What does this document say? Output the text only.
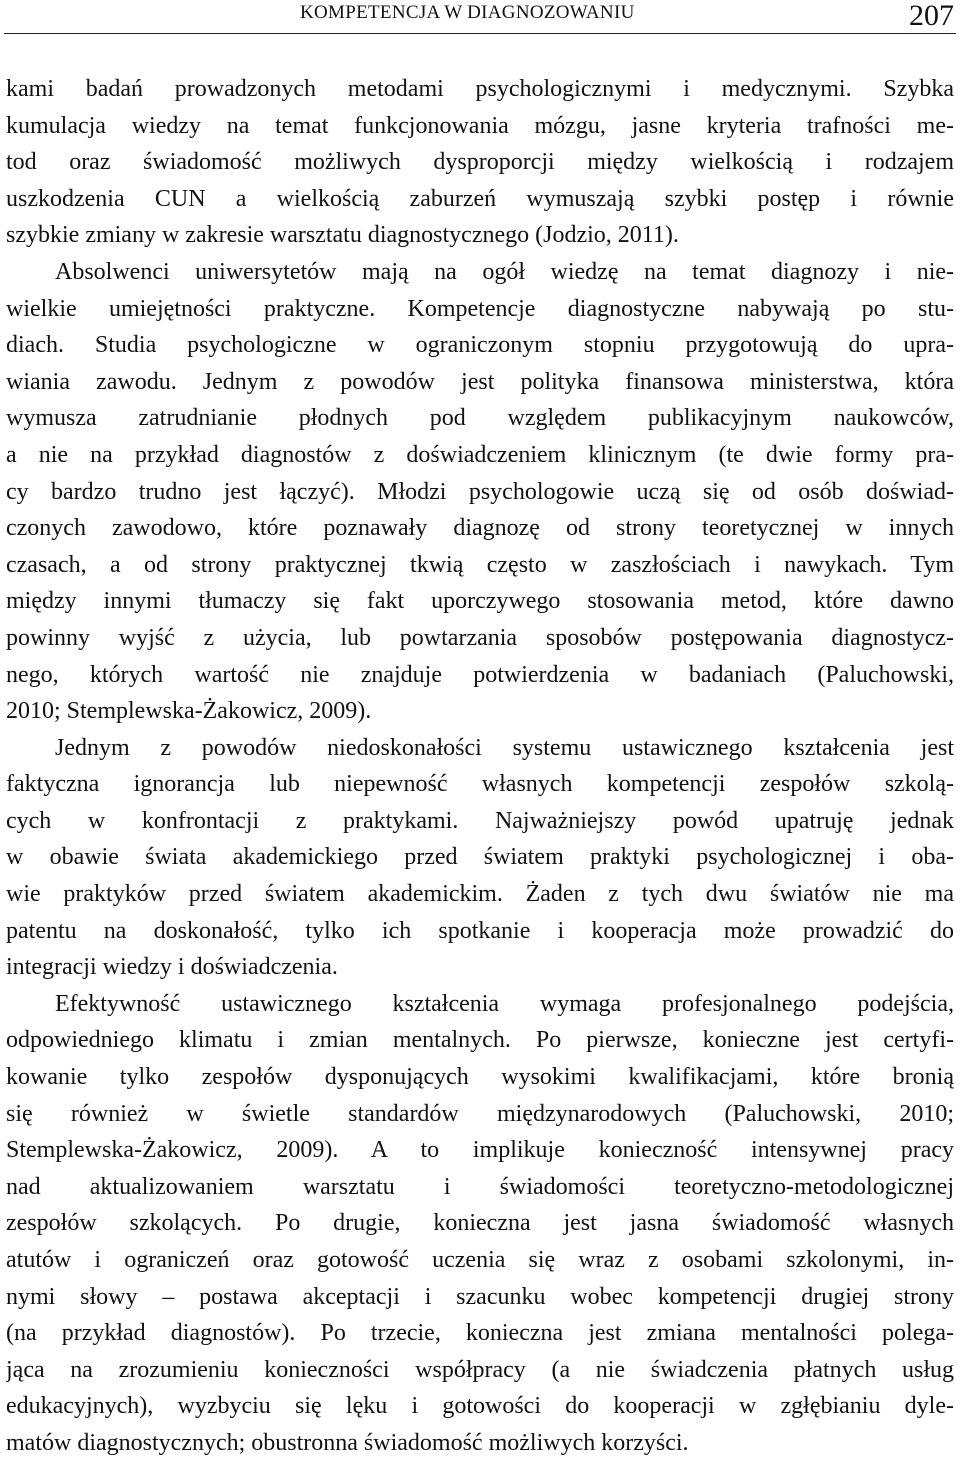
KOMPETENCJA W DIAGNOZOWANIU	207
kami badań prowadzonych metodami psychologicznymi i medycznymi. Szybka
kumulacja wiedzy na temat funkcjonowania mózgu, jasne kryteria trafności me-
tod oraz świadomość możliwych dysproporcji między wielkością i rodzajem
uszkodzenia CUN a wielkością zaburzeń wymuszają szybki postęp i równie
szybkie zmiany w zakresie warsztatu diagnostycznego (Jodzio, 2011).
Absolwenci uniwersytetów mają na ogół wiedzę na temat diagnozy i nie-
wielkie umiejętności praktyczne. Kompetencje diagnostyczne nabywają po stu-
diach. Studia psychologiczne w ograniczonym stopniu przygotowują do upra-
wiania zawodu. Jednym z powodów jest polityka finansowa ministerstwa, która
wymusza zatrudnianie płodnych pod względem publikacyjnym naukowców,
a nie na przykład diagnostów z doświadczeniem klinicznym (te dwie formy pra-
cy bardzo trudno jest łączyć). Młodzi psychologowie uczą się od osób doświad-
czonych zawodowo, które poznawały diagnozę od strony teoretycznej w innych
czasach, a od strony praktycznej tkwią często w zaszłościach i nawykach. Tym
między innymi tłumaczy się fakt uporczywego stosowania metod, które dawno
powinny wyjść z użycia, lub powtarzania sposobów postępowania diagnostycz-
nego, których wartość nie znajduje potwierdzenia w badaniach (Paluchowski,
2010; Stemplewska-Żakowicz, 2009).
Jednym z powodów niedoskonałości systemu ustawicznego kształcenia jest
faktyczna ignorancja lub niepewność własnych kompetencji zespołów szkolą-
cych w konfrontacji z praktykami. Najważniejszy powód upatruję jednak
w obawie świata akademickiego przed światem praktyki psychologicznej i oba-
wie praktyków przed światem akademickim. Żaden z tych dwu światów nie ma
patentu na doskonałość, tylko ich spotkanie i kooperacja może prowadzić do
integracji wiedzy i doświadczenia.
Efektywność ustawicznego kształcenia wymaga profesjonalnego podejścia,
odpowiedniego klimatu i zmian mentalnych. Po pierwsze, konieczne jest certyfi-
kowanie tylko zespołów dysponujących wysokimi kwalifikacjami, które bronią
się również w świetle standardów międzynarodowych (Paluchowski, 2010;
Stemplewska-Żakowicz, 2009). A to implikuje konieczność intensywnej pracy
nad aktualizowaniem warsztatu i świadomości teoretyczno-metodologicznej
zespołów szkolących. Po drugie, konieczna jest jasna świadomość własnych
atutów i ograniczeń oraz gotowość uczenia się wraz z osobami szkolonymi, in-
nymi słowy – postawa akceptacji i szacunku wobec kompetencji drugiej strony
(na przykład diagnostów). Po trzecie, konieczna jest zmiana mentalności polega-
jąca na zrozumieniu konieczności współpracy (a nie świadczenia płatnych usług
edukacyjnych), wyzbyciu się lęku i gotowości do kooperacji w zgłębianiu dyle-
matów diagnostycznych; obustronna świadomość możliwych korzyści.
